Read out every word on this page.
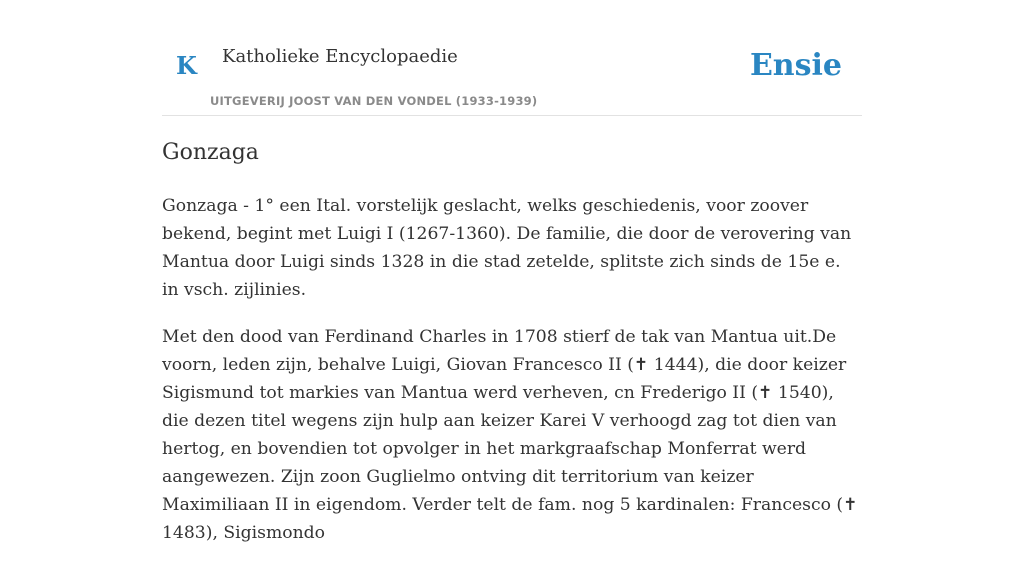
K Katholieke Encyclopaedie
UITGEVERIJ JOOST VAN DEN VONDEL (1933-1939)
Ensie
Gonzaga

Gonzaga - 1° een Ital. vorstelijk geslacht, welks geschiedenis, voor zoover bekend, begint met Luigi I (1267-1360). De familie, die door de verovering van Mantua door Luigi sinds 1328 in die stad zetelde, splitste zich sinds de 15e e. in vsch. zijlinies.

Met den dood van Ferdinand Charles in 1708 stierf de tak van Mantua uit.De voorn, leden zijn, behalve Luigi, Giovan Francesco II (✝ 1444), die door keizer Sigismund tot markies van Mantua werd verheven, cn Frederigo II (✝ 1540), die dezen titel wegens zijn hulp aan keizer Karei V verhoogd zag tot dien van hertog, en bovendien tot opvolger in het markgraafschap Monferrat werd aangewezen. Zijn zoon Guglielmo ontving dit territorium van keizer Maximiliaan II in eigendom. Verder telt de fam. nog 5 kardinalen: Francesco (✝ 1483), Sigismondo
